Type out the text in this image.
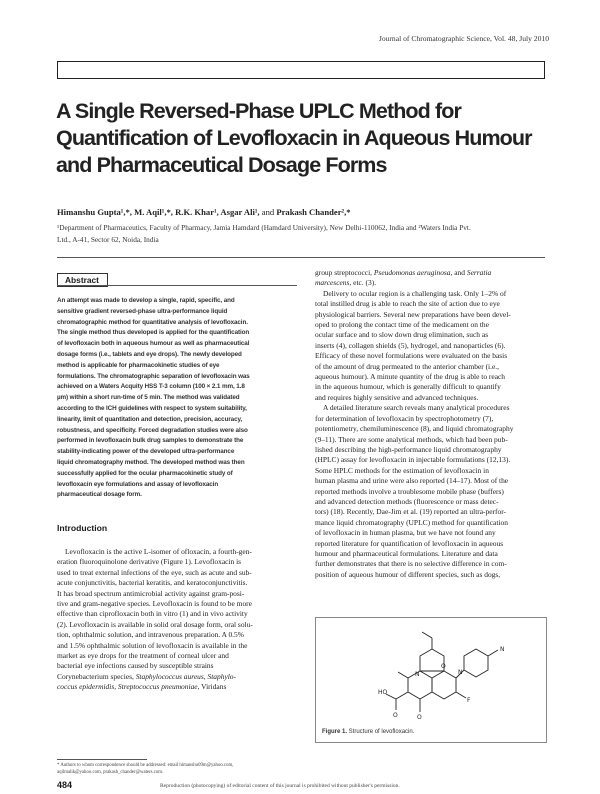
Journal of Chromatographic Science, Vol. 48, July 2010
A Single Reversed-Phase UPLC Method for
Quantification of Levofloxacin in Aqueous Humour
and Pharmaceutical Dosage Forms
Himanshu Gupta¹,*, M. Aqil¹,*, R.K. Khar¹, Asgar Ali¹, and Prakash Chander²,*
¹Department of Pharmaceutics, Faculty of Pharmacy, Jamia Hamdard (Hamdard University), New Delhi-110062, India and ²Waters India Pvt.
Ltd., A-41, Sector 62, Noida, India
Abstract

An attempt was made to develop a single, rapid, specific, and
sensitive gradient reversed-phase ultra-performance liquid
chromatographic method for quantitative analysis of levofloxacin.
The single method thus developed is applied for the quantification
of levofloxacin both in aqueous humour as well as pharmaceutical
dosage forms (i.e., tablets and eye drops). The newly developed
method is applicable for pharmacokinetic studies of eye
formulations. The chromatographic separation of levofloxacin was
achieved on a Waters Acquity HSS T-3 column (100 × 2.1 mm, 1.8
µm) within a short run-time of 5 min. The method was validated
according to the ICH guidelines with respect to system suitability,
linearity, limit of quantitation and detection, precision, accuracy,
robustness, and specificity. Forced degradation studies were also
performed in levofloxacin bulk drug samples to demonstrate the
stability-indicating power of the developed ultra-performance
liquid chromatography method. The developed method was then
successfully applied for the ocular pharmacokinetic study of
levofloxacin eye formulations and assay of levofloxacin
pharmaceutical dosage form.

Introduction
Levofloxacin is the active L-isomer of ofloxacin, a fourth-gen-
eration fluoroquinolone derivative (Figure 1). Levofloxacin is
used to treat external infections of the eye, such as acute and sub-
acute conjunctivitis, bacterial keratitis, and keratoconjunctivitis.
It has broad spectrum antimicrobial activity against gram-posi-
tive and gram-negative species. Levofloxacin is found to be more
effective than ciprofloxacin both in vitro (1) and in vivo activity
(2). Levofloxacin is available in solid oral dosage form, oral solu-
tion, ophthalmic solution, and intravenous preparation. A 0.5%
and 1.5% ophthalmic solution of levofloxacin is available in the
market as eye drops for the treatment of corneal ulcer and
bacterial eye infections caused by susceptible strains
Corynebacterium species, Staphylococcus aureus, Staphylo-
coccus epidermidis, Streptococcus pneumoniae, Viridans
group streptococci, Pseudomonas aeruginosa, and Serratia
marcescens, etc. (3).
Delivery to ocular region is a challenging task. Only 1–2% of
total instilled drug is able to reach the site of action due to eye
physiological barriers. Several new preparations have been devel-
oped to prolong the contact time of the medicament on the
ocular surface and to slow down drug elimination, such as
inserts (4), collagen shields (5), hydrogel, and nanoparticles (6).
Efficacy of these novel formulations were evaluated on the basis
of the amount of drug permeated to the anterior chamber (i.e.,
aqueous humour). A minute quantity of the drug is able to reach
in the aqueous humour, which is generally difficult to quantify
and requires highly sensitive and advanced techniques.
A detailed literature search reveals many analytical procedures
for determination of levofloxacin by spectrophotometry (7),
potentiometry, chemiluminescence (8), and liquid chromatography
(9–11). There are some analytical methods, which had been pub-
lished describing the high-performance liquid chromatography
(HPLC) assay for levofloxacin in injectable formulations (12,13).
Some HPLC methods for the estimation of levofloxacin in
human plasma and urine were also reported (14–17). Most of the
reported methods involve a troublesome mobile phase (buffers)
and advanced detection methods (fluorescence or mass detec-
tors) (18). Recently, Dae-Jim et al. (19) reported an ultra-perfor-
mance liquid chromatography (UPLC) method for quantification
of levofloxacin in human plasma, but we have not found any
reported literature for quantification of levofloxacin in aqueous
humour and pharmaceutical formulations. Literature and data
further demonstrates that there is no selective difference in com-
position of aqueous humour of different species, such as dogs,
HO
O	O
F
N
N
O
N
Figure 1. Structure of levofloxacin.
* Authors to whom correspondence should be addressed: email himanshu09m@yahoo.com,
aqilmalik@yahoo.com, prakash_chander@waters.com.
484	Reproduction (photocopying) of editorial content of this journal is prohibited without publisher's permission.
